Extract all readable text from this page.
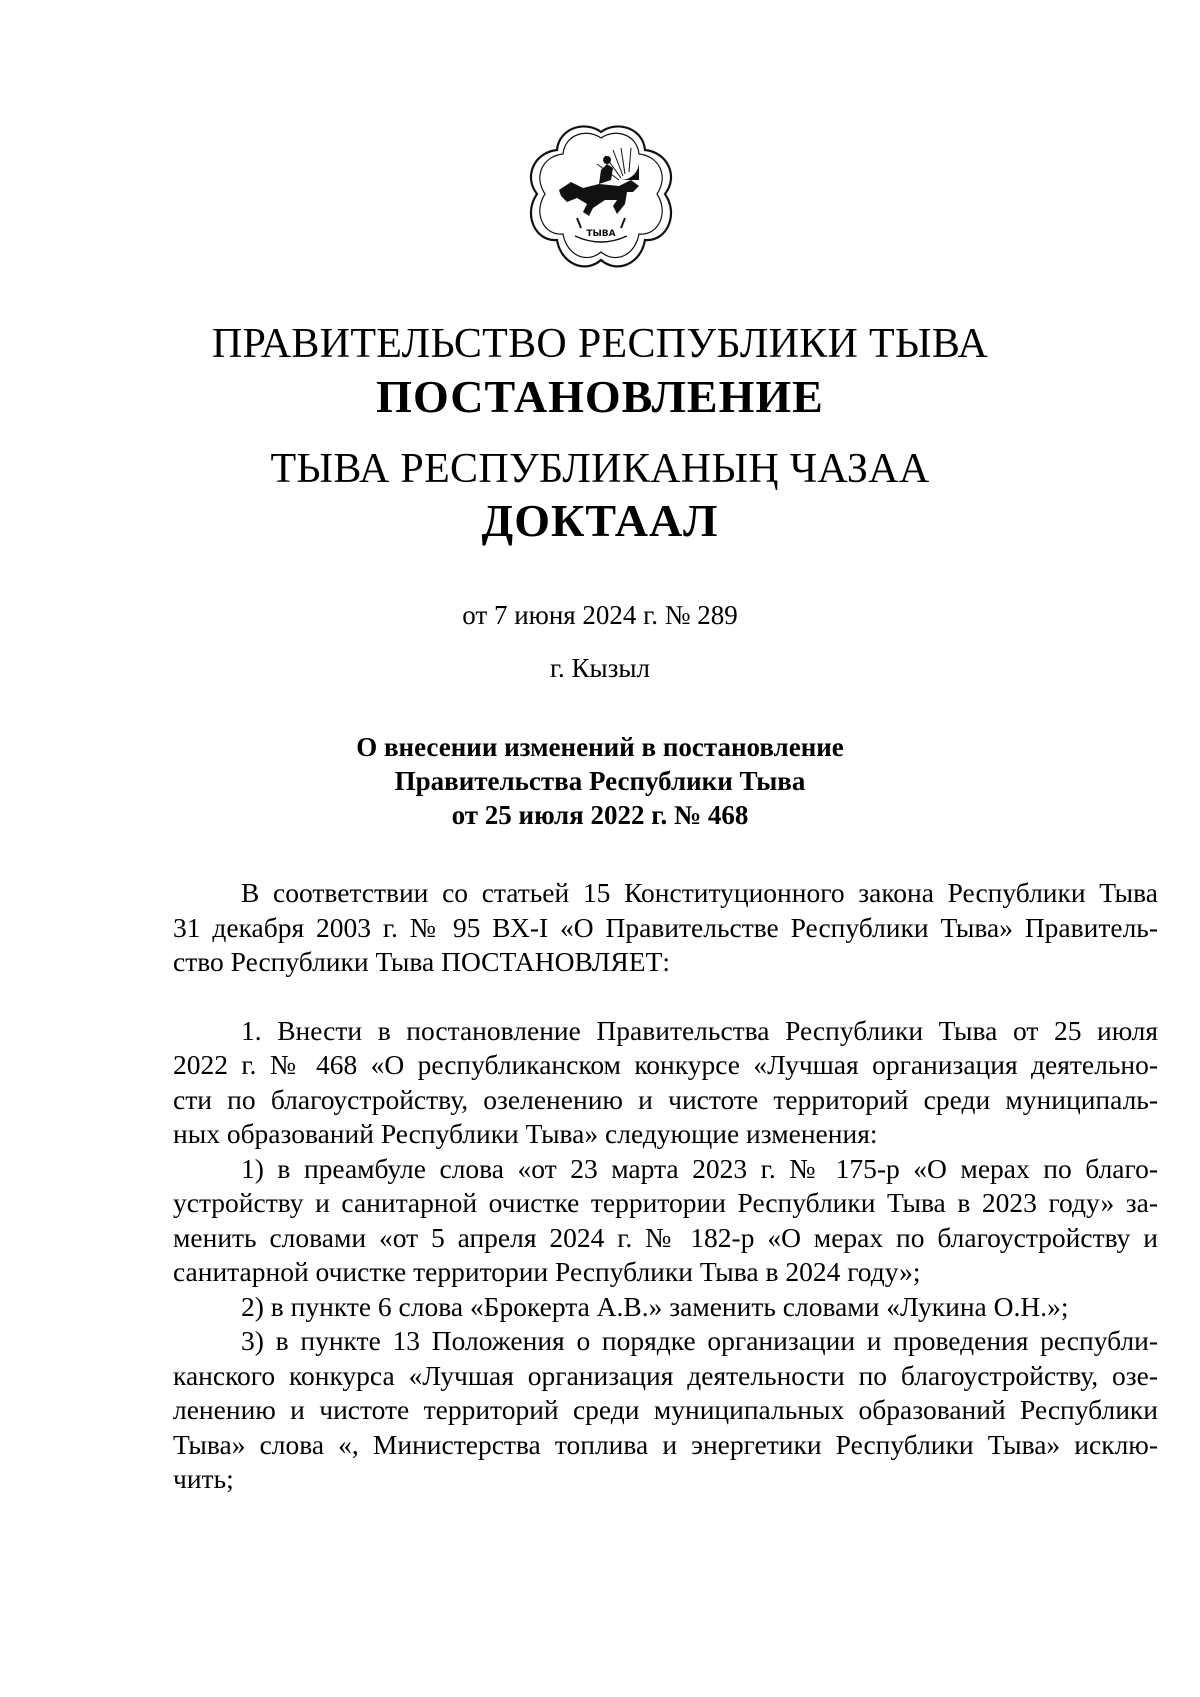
ТЫВА
ПРАВИТЕЛЬСТВО РЕСПУБЛИКИ ТЫВА
ПОСТАНОВЛЕНИЕ
ТЫВА РЕСПУБЛИКАНЫҢ ЧАЗАА
ДОКТААЛ
от 7 июня 2024 г. № 289
г. Кызыл
О внесении изменений в постановление
Правительства Республики Тыва
от 25 июля 2022 г. № 468

В соответствии со статьей 15 Конституционного закона Республики Тыва
31 декабря 2003 г. № 95 ВХ-I «О Правительстве Республики Тыва» Правитель-
ство Республики Тыва ПОСТАНОВЛЯЕТ:

1. Внести в постановление Правительства Республики Тыва от 25 июля
2022 г. № 468 «О республиканском конкурсе «Лучшая организация деятельно-
сти по благоустройству, озеленению и чистоте территорий среди муниципаль-
ных образований Республики Тыва» следующие изменения:

1) в преамбуле слова «от 23 марта 2023 г. № 175-р «О мерах по благо-
устройству и санитарной очистке территории Республики Тыва в 2023 году» за-
менить словами «от 5 апреля 2024 г. № 182-р «О мерах по благоустройству и
санитарной очистке территории Республики Тыва в 2024 году»;

2) в пункте 6 слова «Брокерта А.В.» заменить словами «Лукина О.Н.»;

3) в пункте 13 Положения о порядке организации и проведения республи-
канского конкурса «Лучшая организация деятельности по благоустройству, озе-
ленению и чистоте территорий среди муниципальных образований Республики
Тыва» слова «, Министерства топлива и энергетики Республики Тыва» исклю-
чить;
